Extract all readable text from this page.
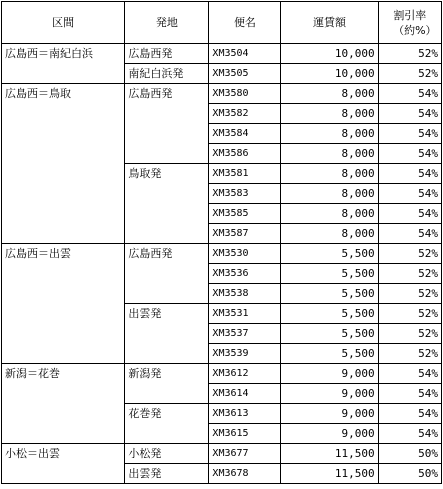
区間	発地	便名	運賃額	割引率
（約%）

広島西＝南紀白浜	広島西発	XM3504	10,000	52%
	南紀白浜発	XM3505	10,000	52%
広島西＝鳥取	広島西発	XM3580	8,000	54%
		XM3582	8,000	54%
		XM3584	8,000	54%
		XM3586	8,000	54%
	鳥取発	XM3581	8,000	54%
		XM3583	8,000	54%
		XM3585	8,000	54%
		XM3587	8,000	54%
広島西＝出雲	広島西発	XM3530	5,500	52%
		XM3536	5,500	52%
		XM3538	5,500	52%
	出雲発	XM3531	5,500	52%
		XM3537	5,500	52%
		XM3539	5,500	52%
新潟＝花巻	新潟発	XM3612	9,000	54%
		XM3614	9,000	54%
	花巻発	XM3613	9,000	54%
		XM3615	9,000	54%
小松＝出雲	小松発	XM3677	11,500	50%
	出雲発	XM3678	11,500	50%
